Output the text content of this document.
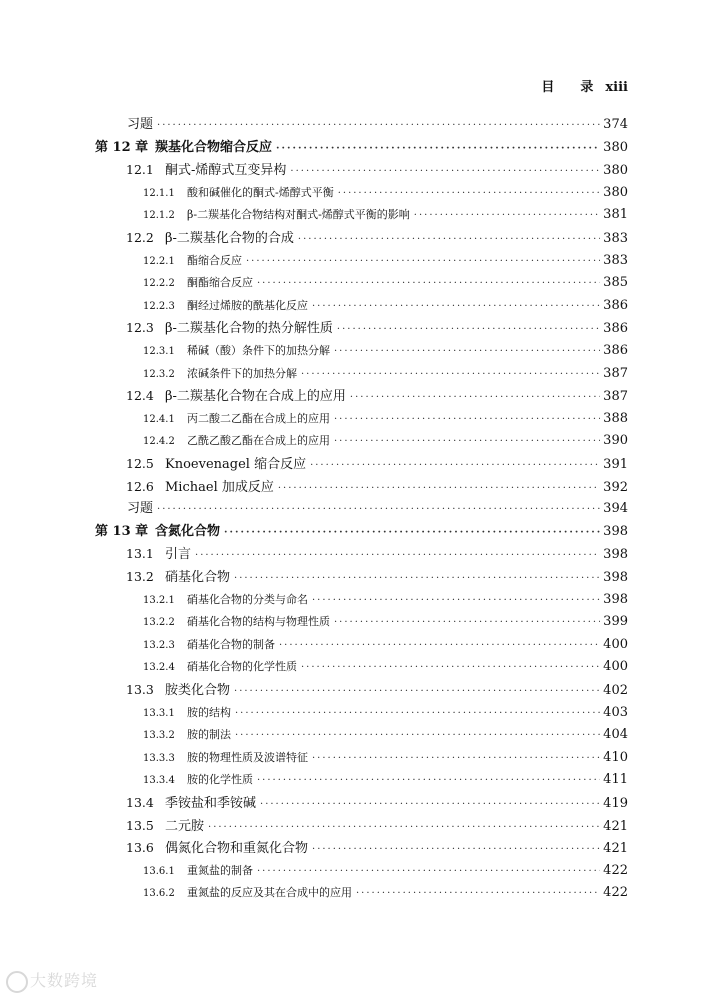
目 录 xiii
习题 ·····	374
第 12 章 羰基化合物缩合反应 ·····	380
12.1 酮式-烯醇式互变异构 ·····	380
12.1.1	酸和碱催化的酮式-烯醇式平衡 ·····	380
12.1.2	β-二羰基化合物结构对酮式-烯醇式平衡的影响 ·····	381
12.2 β-二羰基化合物的合成 ·····	383
12.2.1	酯缩合反应 ·····	383
12.2.2	酮酯缩合反应 ·····	385
12.2.3	酮经过烯胺的酰基化反应 ·····	386
12.3 β-二羰基化合物的热分解性质 ·····	386
12.3.1	稀碱（酸）条件下的加热分解 ·····	386
12.3.2	浓碱条件下的加热分解 ·····	387
12.4 β-二羰基化合物在合成上的应用 ·····	387
12.4.1	丙二酸二乙酯在合成上的应用 ·····	388
12.4.2	乙酰乙酸乙酯在合成上的应用 ·····	390
12.5 Knoevenagel 缩合反应 ·····	391
12.6 Michael 加成反应 ·····	392
习题 ·····	394
第 13 章 含氮化合物 ·····	398
13.1 引言 ·····	398
13.2 硝基化合物 ·····	398
13.2.1	硝基化合物的分类与命名 ·····	398
13.2.2	硝基化合物的结构与物理性质 ·····	399
13.2.3	硝基化合物的制备 ·····	400
13.2.4	硝基化合物的化学性质 ·····	400
13.3 胺类化合物 ·····	402
13.3.1	胺的结构 ·····	403
13.3.2	胺的制法 ·····	404
13.3.3	胺的物理性质及波谱特征 ·····	410
13.3.4	胺的化学性质 ·····	411
13.4 季铵盐和季铵碱 ·····	419
13.5 二元胺 ·····	421
13.6 偶氮化合物和重氮化合物 ·····	421
13.6.1	重氮盐的制备 ·····	422
13.6.2	重氮盐的反应及其在合成中的应用 ·····	422
大数跨境
